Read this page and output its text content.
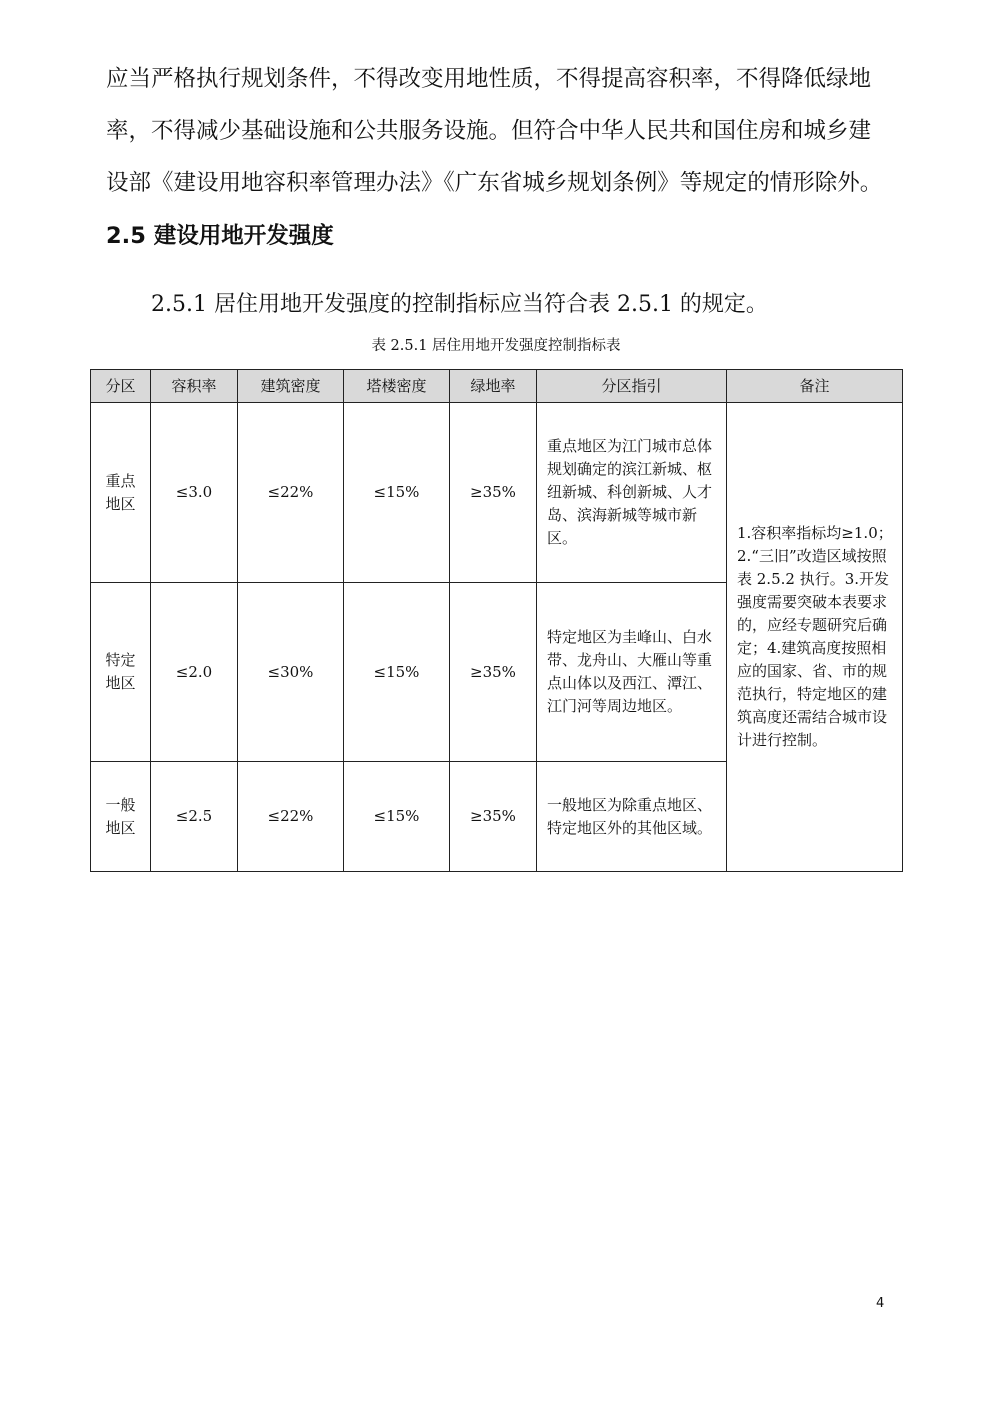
应当严格执行规划条件，不得改变用地性质，不得提高容积率，不得降低绿地
率，不得减少基础设施和公共服务设施。但符合中华人民共和国住房和城乡建
设部《建设用地容积率管理办法》《广东省城乡规划条例》等规定的情形除外。
2.5 建设用地开发强度
2.5.1 居住用地开发强度的控制指标应当符合表 2.5.1 的规定。
表 2.5.1 居住用地开发强度控制指标表
分区	容积率	建筑密度	塔楼密度	绿地率	分区指引	备注
重点地区	≤3.0	≤22%	≤15%	≥35%	重点地区为江门城市总体规划确定的滨江新城、枢纽新城、科创新城、人才岛、滨海新城等城市新区。	1.容积率指标均≥1.0；2.“三旧”改造区域按照表 2.5.2 执行。3.开发强度需要突破本表要求的，应经专题研究后确定；4.建筑高度按照相应的国家、省、市的规范执行，特定地区的建筑高度还需结合城市设计进行控制。
特定地区	≤2.0	≤30%	≤15%	≥35%	特定地区为圭峰山、白水带、龙舟山、大雁山等重点山体以及西江、潭江、江门河等周边地区。	
一般地区	≤2.5	≤22%	≤15%	≥35%	一般地区为除重点地区、特定地区外的其他区域。	
4
